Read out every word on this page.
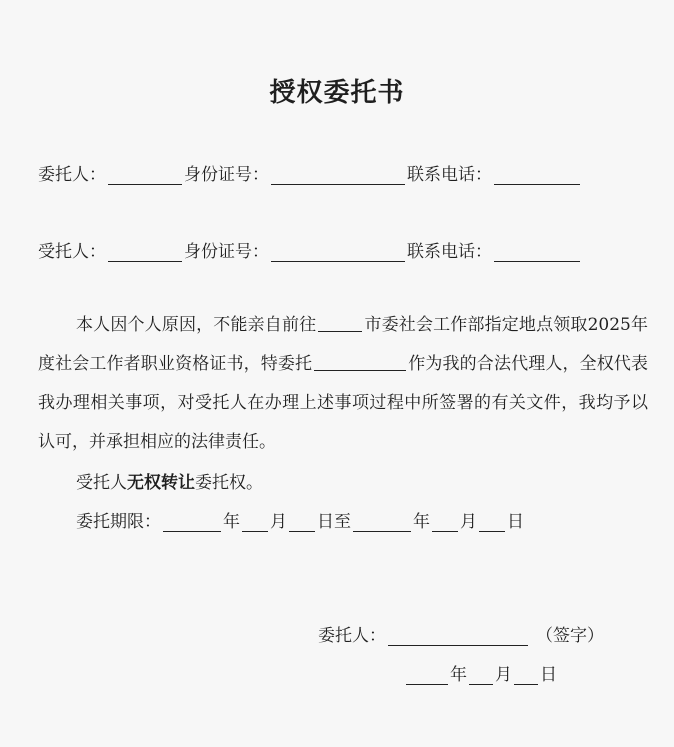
授权委托书
委托人：	身份证号：	联系电话：
受托人：	身份证号：	联系电话：
本人因个人原因，不能亲自前往	市委社会工作部指定地点领取2025年度社会工作者职业资格证书，特委托	作为我的合法代理人，全权代表我办理相关事项，对受托人在办理上述事项过程中所签署的有关文件，我均予以认可，并承担相应的法律责任。
受托人 无权转让 委托权。
委托期限：	年 月 日至	年 月 日
委托人：	（签字）
年 月 日
